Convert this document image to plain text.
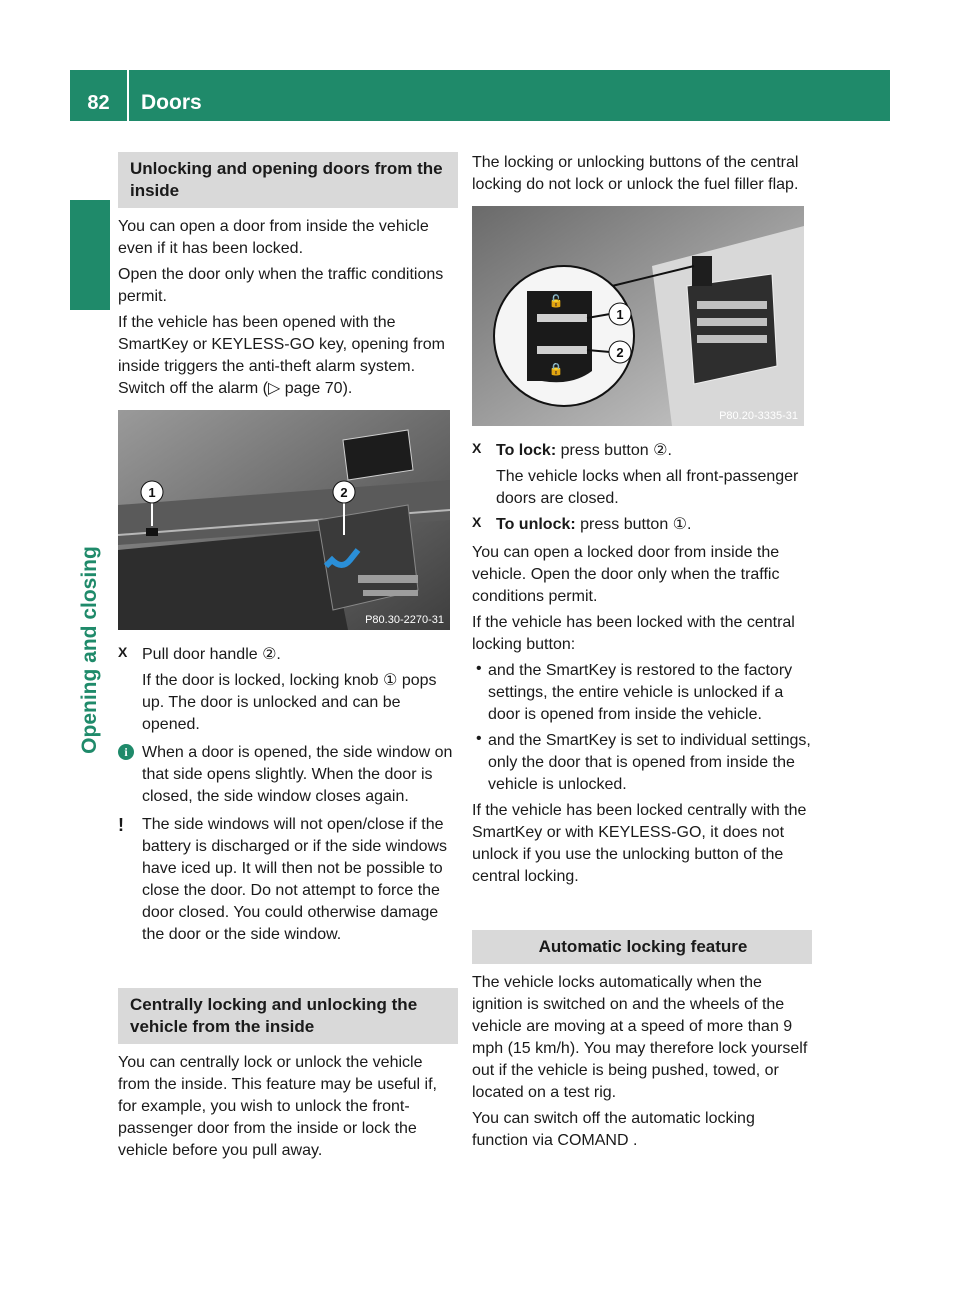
82	Doors
Opening and closing
Unlocking and opening doors from the inside

You can open a door from inside the vehicle even if it has been locked.

Open the door only when the traffic conditions permit.

If the vehicle has been opened with the SmartKey or KEYLESS-GO key, opening from inside triggers the anti-theft alarm system. Switch off the alarm (▷ page 70).

1	2
P80.30-2270-31
X Pull door handle ②.

If the door is locked, locking knob ① pops up. The door is unlocked and can be opened.

i When a door is opened, the side window on that side opens slightly. When the door is closed, the side window closes again.

! The side windows will not open/close if the battery is discharged or if the side windows have iced up. It will then not be possible to close the door. Do not attempt to force the door closed. You could otherwise damage the door or the side window.

Centrally locking and unlocking the vehicle from the inside

You can centrally lock or unlock the vehicle from the inside. This feature may be useful if, for example, you wish to unlock the front-passenger door from the inside or lock the vehicle before you pull away.

The locking or unlocking buttons of the central locking do not lock or unlock the fuel filler flap.

🔓
🔒
1
2
P80.20-3335-31
X To lock: press button ②.

The vehicle locks when all front-passenger doors are closed.

X To unlock: press button ①.

You can open a locked door from inside the vehicle. Open the door only when the traffic conditions permit.

If the vehicle has been locked with the central locking button:

• and the SmartKey is restored to the factory settings, the entire vehicle is unlocked if a door is opened from inside the vehicle.

• and the SmartKey is set to individual settings, only the door that is opened from inside the vehicle is unlocked.

If the vehicle has been locked centrally with the SmartKey or with KEYLESS-GO, it does not unlock if you use the unlocking button of the central locking.

Automatic locking feature

The vehicle locks automatically when the ignition is switched on and the wheels of the vehicle are moving at a speed of more than 9 mph (15 km/h). You may therefore lock yourself out if the vehicle is being pushed, towed, or located on a test rig.

You can switch off the automatic locking function via COMAND .
